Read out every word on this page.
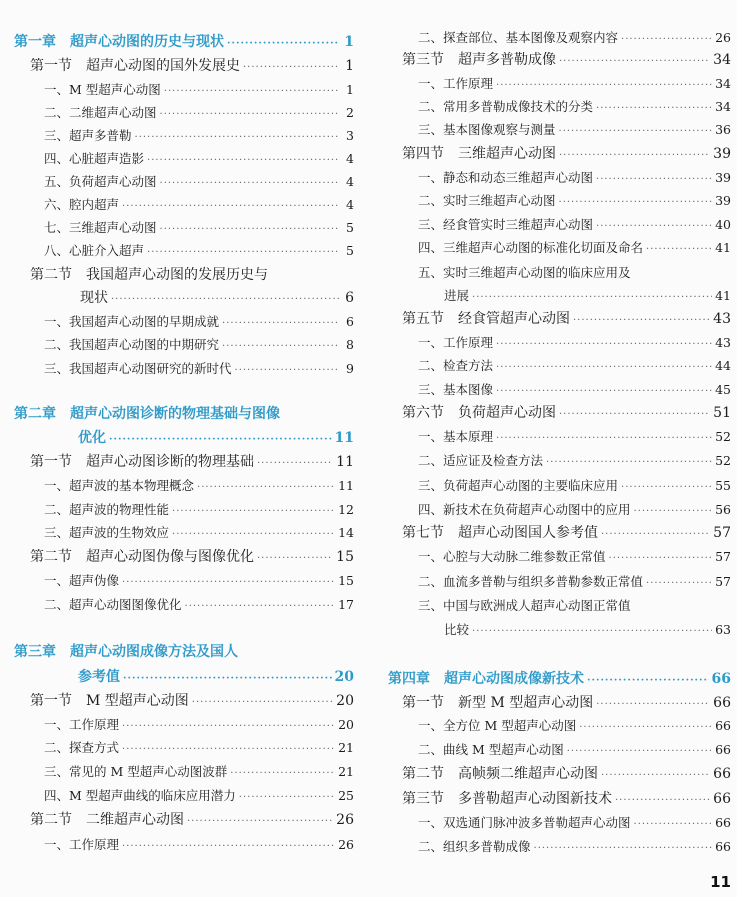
第一章　超声心动图的历史与现状 ·····	1
第一节　超声心动图的国外发展史 ·····	1
一、M 型超声心动图 ·····	1
二、二维超声心动图 ·····	2
三、超声多普勒 ·····	3
四、心脏超声造影 ·····	4
五、负荷超声心动图 ·····	4
六、腔内超声 ·····	4
七、三维超声心动图 ·····	5
八、心脏介入超声 ·····	5
第二节　我国超声心动图的发展历史与
现状 ·····	6
一、我国超声心动图的早期成就 ·····	6
二、我国超声心动图的中期研究 ·····	8
三、我国超声心动图研究的新时代 ·····	9
第二章　超声心动图诊断的物理基础与图像
优化 ·····	11
第一节　超声心动图诊断的物理基础 ·····	11
一、超声波的基本物理概念 ·····	11
二、超声波的物理性能 ·····	12
三、超声波的生物效应 ·····	14
第二节　超声心动图伪像与图像优化 ·····	15
一、超声伪像 ·····	15
二、超声心动图图像优化 ·····	17
第三章　超声心动图成像方法及国人
参考值 ·····	20
第一节　M 型超声心动图 ·····	20
一、工作原理 ·····	20
二、探查方式 ·····	21
三、常见的 M 型超声心动图波群 ·····	21
四、M 型超声曲线的临床应用潜力 ·····	25
第二节　二维超声心动图 ·····	26
一、工作原理 ·····	26
二、探查部位、基本图像及观察内容 ·····	26
第三节　超声多普勒成像 ·····	34
一、工作原理 ·····	34
二、常用多普勒成像技术的分类 ·····	34
三、基本图像观察与测量 ·····	36
第四节　三维超声心动图 ·····	39
一、静态和动态三维超声心动图 ·····	39
二、实时三维超声心动图 ·····	39
三、经食管实时三维超声心动图 ·····	40
四、三维超声心动图的标准化切面及命名 ·····	41
五、实时三维超声心动图的临床应用及
进展 ·····	41
第五节　经食管超声心动图 ·····	43
一、工作原理 ·····	43
二、检查方法 ·····	44
三、基本图像 ·····	45
第六节　负荷超声心动图 ·····	51
一、基本原理 ·····	52
二、适应证及检查方法 ·····	52
三、负荷超声心动图的主要临床应用 ·····	55
四、新技术在负荷超声心动图中的应用 ·····	56
第七节　超声心动图国人参考值 ·····	57
一、心腔与大动脉二维参数正常值 ·····	57
二、血流多普勒与组织多普勒参数正常值 ·····	57
三、中国与欧洲成人超声心动图正常值
比较 ·····	63
第四章　超声心动图成像新技术 ·····	66
第一节　新型 M 型超声心动图 ·····	66
一、全方位 M 型超声心动图 ·····	66
二、曲线 M 型超声心动图 ·····	66
第二节　高帧频二维超声心动图 ·····	66
第三节　多普勒超声心动图新技术 ·····	66
一、双选通门脉冲波多普勒超声心动图 ·····	66
二、组织多普勒成像 ·····	66
11
